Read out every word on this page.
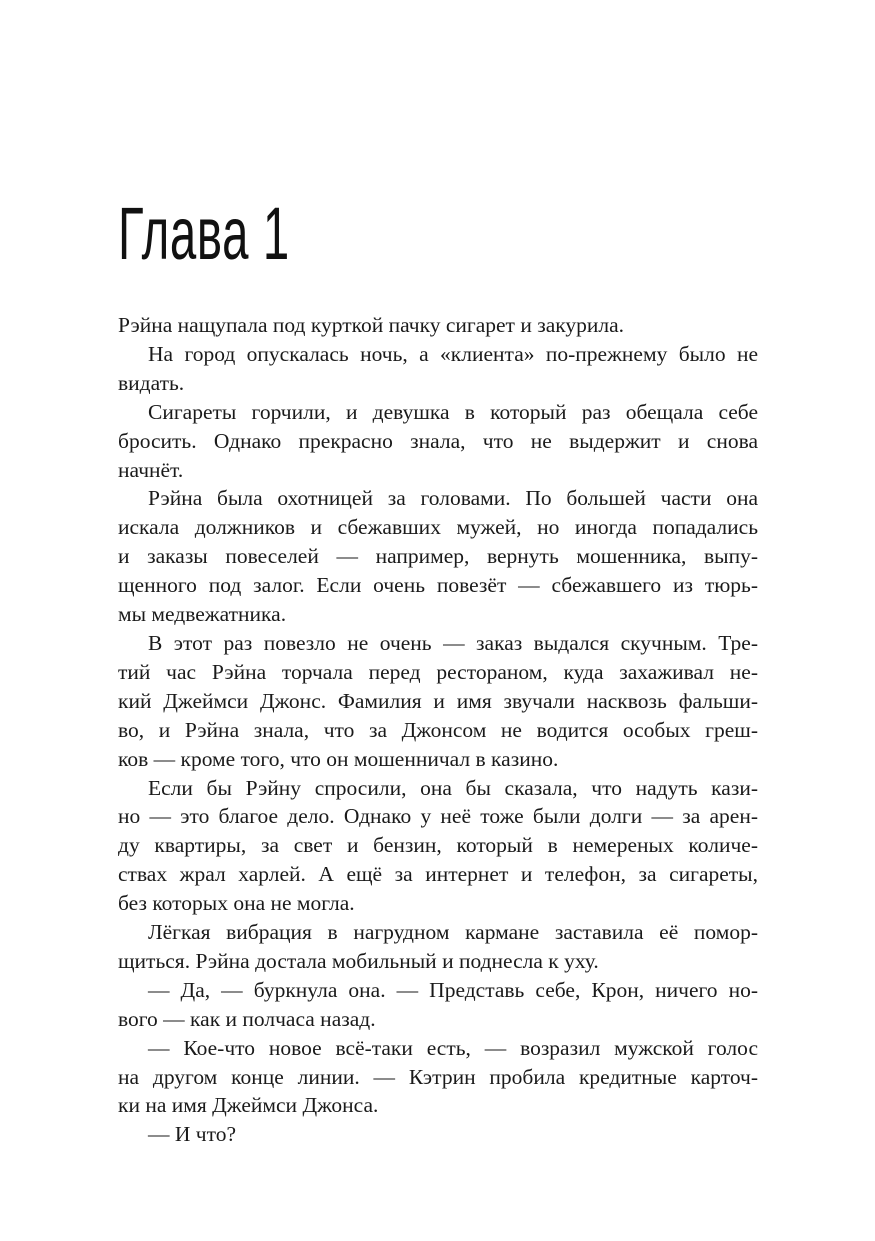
Глава 1

Рэйна нащупала под курткой пачку сигарет и закурила.

На город опускалась ночь, а «клиента» по-прежнему было не
видать.

Сигареты горчили, и девушка в который раз обещала себе
бросить. Однако прекрасно знала, что не выдержит и снова
начнёт.

Рэйна была охотницей за головами. По большей части она
искала должников и сбежавших мужей, но иногда попадались
и заказы повеселей — например, вернуть мошенника, выпу-
щенного под залог. Если очень повезёт — сбежавшего из тюрь-
мы медвежатника.

В этот раз повезло не очень — заказ выдался скучным. Тре-
тий час Рэйна торчала перед рестораном, куда захаживал не-
кий Джеймси Джонс. Фамилия и имя звучали насквозь фальши-
во, и Рэйна знала, что за Джонсом не водится особых греш-
ков — кроме того, что он мошенничал в казино.

Если бы Рэйну спросили, она бы сказала, что надуть кази-
но — это благое дело. Однако у неё тоже были долги — за арен-
ду квартиры, за свет и бензин, который в немереных количе-
ствах жрал харлей. А ещё за интернет и телефон, за сигареты,
без которых она не могла.

Лёгкая вибрация в нагрудном кармане заставила её помор-
щиться. Рэйна достала мобильный и поднесла к уху.

— Да, — буркнула она. — Представь себе, Крон, ничего но-
вого — как и полчаса назад.

— Кое-что новое всё-таки есть, — возразил мужской голос
на другом конце линии. — Кэтрин пробила кредитные карточ-
ки на имя Джеймси Джонса.

— И что?
